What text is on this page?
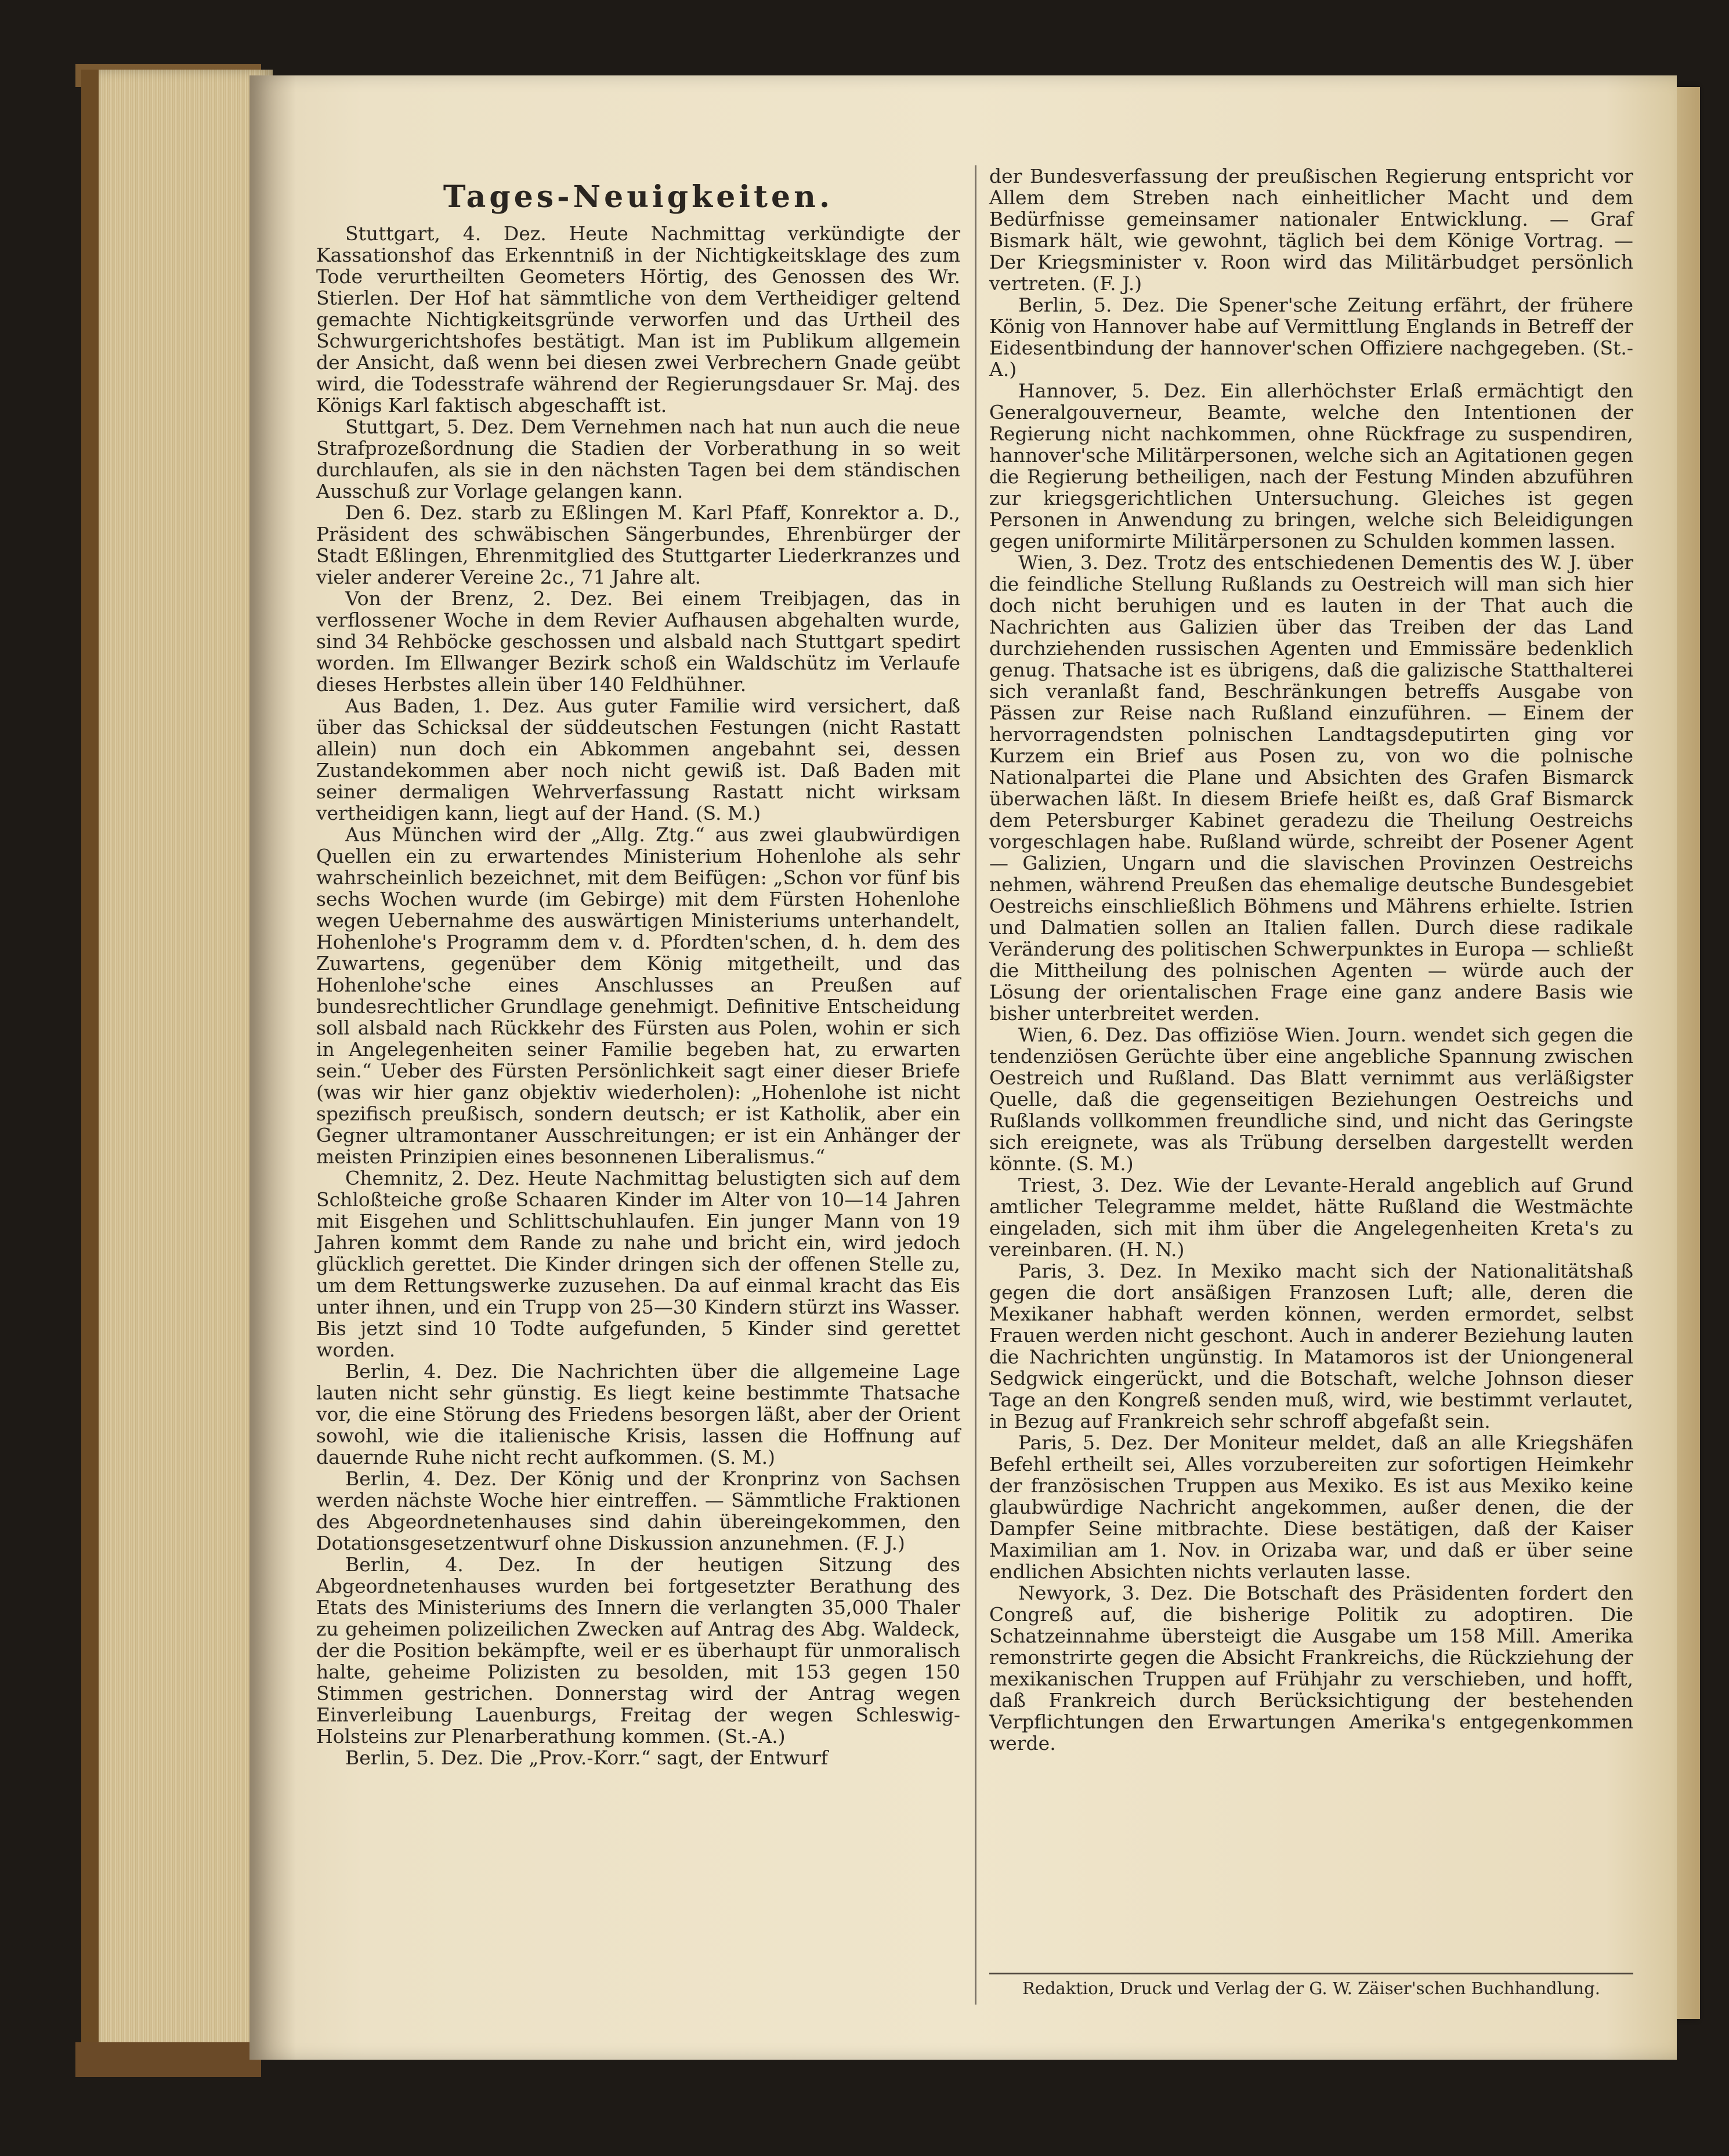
Tages-Neuigkeiten.

Stuttgart, 4. Dez. Heute Nachmittag verkündigte der Kassationshof das Erkenntniß in der Nichtigkeitsklage des zum Tode verurtheilten Geometers Hörtig, des Genossen des Wr. Stierlen. Der Hof hat sämmtliche von dem Vertheidiger geltend gemachte Nichtigkeitsgründe verworfen und das Urtheil des Schwurgerichtshofes bestätigt. Man ist im Publikum allgemein der Ansicht, daß wenn bei diesen zwei Verbrechern Gnade geübt wird, die Todesstrafe während der Regierungsdauer Sr. Maj. des Königs Karl faktisch abgeschafft ist.

Stuttgart, 5. Dez. Dem Vernehmen nach hat nun auch die neue Strafprozeßordnung die Stadien der Vorberathung in so weit durchlaufen, als sie in den nächsten Tagen bei dem ständischen Ausschuß zur Vorlage gelangen kann.

Den 6. Dez. starb zu Eßlingen M. Karl Pfaff, Konrektor a. D., Präsident des schwäbischen Sängerbundes, Ehrenbürger der Stadt Eßlingen, Ehrenmitglied des Stuttgarter Liederkranzes und vieler anderer Vereine 2c., 71 Jahre alt.

Von der Brenz, 2. Dez. Bei einem Treibjagen, das in verflossener Woche in dem Revier Aufhausen abgehalten wurde, sind 34 Rehböcke geschossen und alsbald nach Stuttgart spedirt worden. Im Ellwanger Bezirk schoß ein Waldschütz im Verlaufe dieses Herbstes allein über 140 Feldhühner.

Aus Baden, 1. Dez. Aus guter Familie wird versichert, daß über das Schicksal der süddeutschen Festungen (nicht Rastatt allein) nun doch ein Abkommen angebahnt sei, dessen Zustandekommen aber noch nicht gewiß ist. Daß Baden mit seiner dermaligen Wehrverfassung Rastatt nicht wirksam vertheidigen kann, liegt auf der Hand. (S. M.)

Aus München wird der „Allg. Ztg.“ aus zwei glaubwürdigen Quellen ein zu erwartendes Ministerium Hohenlohe als sehr wahrscheinlich bezeichnet, mit dem Beifügen: „Schon vor fünf bis sechs Wochen wurde (im Gebirge) mit dem Fürsten Hohenlohe wegen Uebernahme des auswärtigen Ministeriums unterhandelt, Hohenlohe's Programm dem v. d. Pfordten'schen, d. h. dem des Zuwartens, gegenüber dem König mitgetheilt, und das Hohenlohe'sche eines Anschlusses an Preußen auf bundesrechtlicher Grundlage genehmigt. Definitive Entscheidung soll alsbald nach Rückkehr des Fürsten aus Polen, wohin er sich in Angelegenheiten seiner Familie begeben hat, zu erwarten sein.“ Ueber des Fürsten Persönlichkeit sagt einer dieser Briefe (was wir hier ganz objektiv wiederholen): „Hohenlohe ist nicht spezifisch preußisch, sondern deutsch; er ist Katholik, aber ein Gegner ultramontaner Ausschreitungen; er ist ein Anhänger der meisten Prinzipien eines besonnenen Liberalismus.“

Chemnitz, 2. Dez. Heute Nachmittag belustigten sich auf dem Schloßteiche große Schaaren Kinder im Alter von 10—14 Jahren mit Eisgehen und Schlittschuhlaufen. Ein junger Mann von 19 Jahren kommt dem Rande zu nahe und bricht ein, wird jedoch glücklich gerettet. Die Kinder dringen sich der offenen Stelle zu, um dem Rettungswerke zuzusehen. Da auf einmal kracht das Eis unter ihnen, und ein Trupp von 25—30 Kindern stürzt ins Wasser. Bis jetzt sind 10 Todte aufgefunden, 5 Kinder sind gerettet worden.

Berlin, 4. Dez. Die Nachrichten über die allgemeine Lage lauten nicht sehr günstig. Es liegt keine bestimmte Thatsache vor, die eine Störung des Friedens besorgen läßt, aber der Orient sowohl, wie die italienische Krisis, lassen die Hoffnung auf dauernde Ruhe nicht recht aufkommen. (S. M.)

Berlin, 4. Dez. Der König und der Kronprinz von Sachsen werden nächste Woche hier eintreffen. — Sämmtliche Fraktionen des Abgeordnetenhauses sind dahin übereingekommen, den Dotationsgesetzentwurf ohne Diskussion anzunehmen. (F. J.)

Berlin, 4. Dez. In der heutigen Sitzung des Abgeordnetenhauses wurden bei fortgesetzter Berathung des Etats des Ministeriums des Innern die verlangten 35,000 Thaler zu geheimen polizeilichen Zwecken auf Antrag des Abg. Waldeck, der die Position bekämpfte, weil er es überhaupt für unmoralisch halte, geheime Polizisten zu besolden, mit 153 gegen 150 Stimmen gestrichen. Donnerstag wird der Antrag wegen Einverleibung Lauenburgs, Freitag der wegen Schleswig-Holsteins zur Plenarberathung kommen. (St.-A.)

Berlin, 5. Dez. Die „Prov.-Korr.“ sagt, der Entwurf

der Bundesverfassung der preußischen Regierung entspricht vor Allem dem Streben nach einheitlicher Macht und dem Bedürfnisse gemeinsamer nationaler Entwicklung. — Graf Bismark hält, wie gewohnt, täglich bei dem Könige Vortrag. — Der Kriegsminister v. Roon wird das Militärbudget persönlich vertreten. (F. J.)

Berlin, 5. Dez. Die Spener'sche Zeitung erfährt, der frühere König von Hannover habe auf Vermittlung Englands in Betreff der Eidesentbindung der hannover'schen Offiziere nachgegeben. (St.-A.)

Hannover, 5. Dez. Ein allerhöchster Erlaß ermächtigt den Generalgouverneur, Beamte, welche den Intentionen der Regierung nicht nachkommen, ohne Rückfrage zu suspendiren, hannover'sche Militärpersonen, welche sich an Agitationen gegen die Regierung betheiligen, nach der Festung Minden abzuführen zur kriegsgerichtlichen Untersuchung. Gleiches ist gegen Personen in Anwendung zu bringen, welche sich Beleidigungen gegen uniformirte Militärpersonen zu Schulden kommen lassen.

Wien, 3. Dez. Trotz des entschiedenen Dementis des W. J. über die feindliche Stellung Rußlands zu Oestreich will man sich hier doch nicht beruhigen und es lauten in der That auch die Nachrichten aus Galizien über das Treiben der das Land durchziehenden russischen Agenten und Emmissäre bedenklich genug. Thatsache ist es übrigens, daß die galizische Statthalterei sich veranlaßt fand, Beschränkungen betreffs Ausgabe von Pässen zur Reise nach Rußland einzuführen. — Einem der hervorragendsten polnischen Landtagsdeputirten ging vor Kurzem ein Brief aus Posen zu, von wo die polnische Nationalpartei die Plane und Absichten des Grafen Bismarck überwachen läßt. In diesem Briefe heißt es, daß Graf Bismarck dem Petersburger Kabinet geradezu die Theilung Oestreichs vorgeschlagen habe. Rußland würde, schreibt der Posener Agent — Galizien, Ungarn und die slavischen Provinzen Oestreichs nehmen, während Preußen das ehemalige deutsche Bundesgebiet Oestreichs einschließlich Böhmens und Mährens erhielte. Istrien und Dalmatien sollen an Italien fallen. Durch diese radikale Veränderung des politischen Schwerpunktes in Europa — schließt die Mittheilung des polnischen Agenten — würde auch der Lösung der orientalischen Frage eine ganz andere Basis wie bisher unterbreitet werden.

Wien, 6. Dez. Das offiziöse Wien. Journ. wendet sich gegen die tendenziösen Gerüchte über eine angebliche Spannung zwischen Oestreich und Rußland. Das Blatt vernimmt aus verläßigster Quelle, daß die gegenseitigen Beziehungen Oestreichs und Rußlands vollkommen freundliche sind, und nicht das Geringste sich ereignete, was als Trübung derselben dargestellt werden könnte. (S. M.)

Triest, 3. Dez. Wie der Levante-Herald angeblich auf Grund amtlicher Telegramme meldet, hätte Rußland die Westmächte eingeladen, sich mit ihm über die Angelegenheiten Kreta's zu vereinbaren. (H. N.)

Paris, 3. Dez. In Mexiko macht sich der Nationalitätshaß gegen die dort ansäßigen Franzosen Luft; alle, deren die Mexikaner habhaft werden können, werden ermordet, selbst Frauen werden nicht geschont. Auch in anderer Beziehung lauten die Nachrichten ungünstig. In Matamoros ist der Uniongeneral Sedgwick eingerückt, und die Botschaft, welche Johnson dieser Tage an den Kongreß senden muß, wird, wie bestimmt verlautet, in Bezug auf Frankreich sehr schroff abgefaßt sein.

Paris, 5. Dez. Der Moniteur meldet, daß an alle Kriegshäfen Befehl ertheilt sei, Alles vorzubereiten zur sofortigen Heimkehr der französischen Truppen aus Mexiko. Es ist aus Mexiko keine glaubwürdige Nachricht angekommen, außer denen, die der Dampfer Seine mitbrachte. Diese bestätigen, daß der Kaiser Maximilian am 1. Nov. in Orizaba war, und daß er über seine endlichen Absichten nichts verlauten lasse.

Newyork, 3. Dez. Die Botschaft des Präsidenten fordert den Congreß auf, die bisherige Politik zu adoptiren. Die Schatzeinnahme übersteigt die Ausgabe um 158 Mill. Amerika remonstrirte gegen die Absicht Frankreichs, die Rückziehung der mexikanischen Truppen auf Frühjahr zu verschieben, und hofft, daß Frankreich durch Berücksichtigung der bestehenden Verpflichtungen den Erwartungen Amerika's entgegenkommen werde.

Redaktion, Druck und Verlag der G. W. Zäiser'schen Buchhandlung.
